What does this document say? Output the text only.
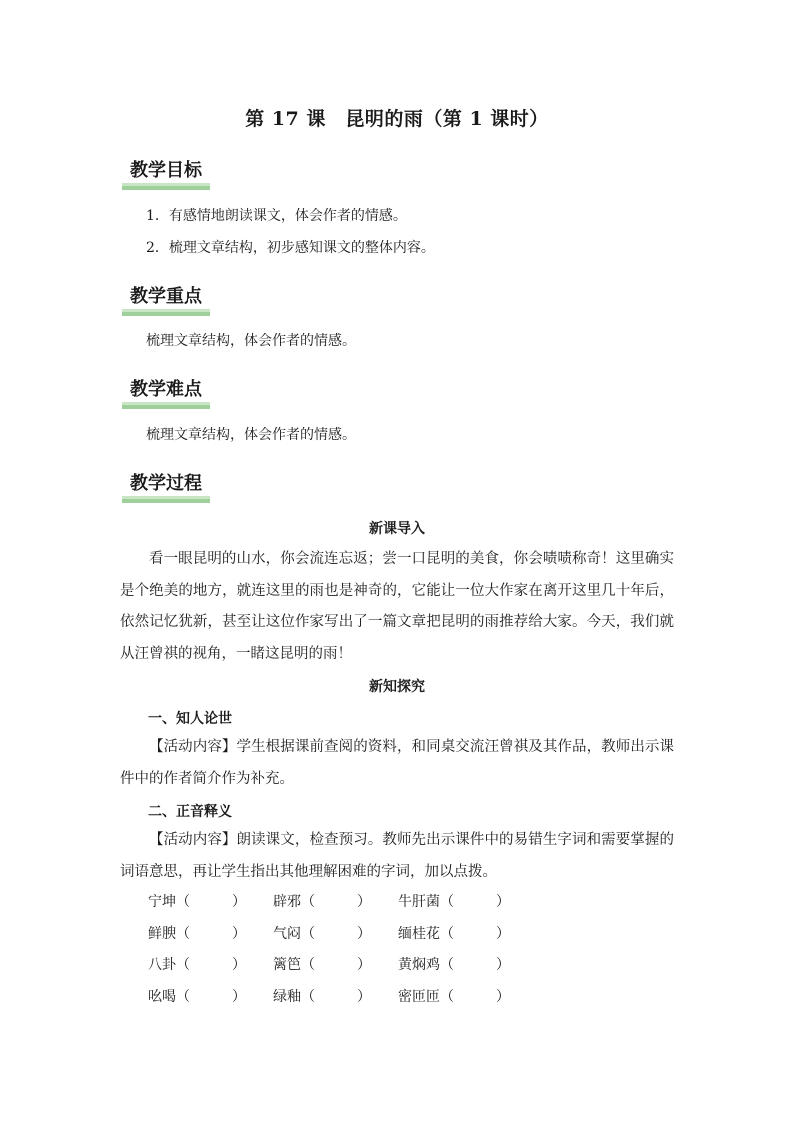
第 17 课　昆明的雨（第 1 课时）
教学目标
1．有感情地朗读课文，体会作者的情感。
2．梳理文章结构，初步感知课文的整体内容。
教学重点
梳理文章结构，体会作者的情感。
教学难点
梳理文章结构，体会作者的情感。
教学过程
新课导入
看一眼昆明的山水，你会流连忘返；尝一口昆明的美食，你会啧啧称奇！这里确实是个绝美的地方，就连这里的雨也是神奇的，它能让一位大作家在离开这里几十年后，依然记忆犹新，甚至让这位作家写出了一篇文章把昆明的雨推荐给大家。今天，我们就从汪曾祺的视角，一睹这昆明的雨！
新知探究
一、知人论世
【活动内容】学生根据课前查阅的资料，和同桌交流汪曾祺及其作品，教师出示课件中的作者简介作为补充。
二、正音释义
【活动内容】朗读课文，检查预习。教师先出示课件中的易错生字词和需要掌握的词语意思，再让学生指出其他理解困难的字词，加以点拨。
宁坤（　　　） 辟邪（　　　） 牛肝菌（　　　）
鲜腴（　　　） 气闷（　　　） 缅桂花（　　　）
八卦（　　　） 篱笆（　　　） 黄焖鸡（　　　）
吆喝（　　　） 绿釉（　　　） 密匝匝（　　　）
